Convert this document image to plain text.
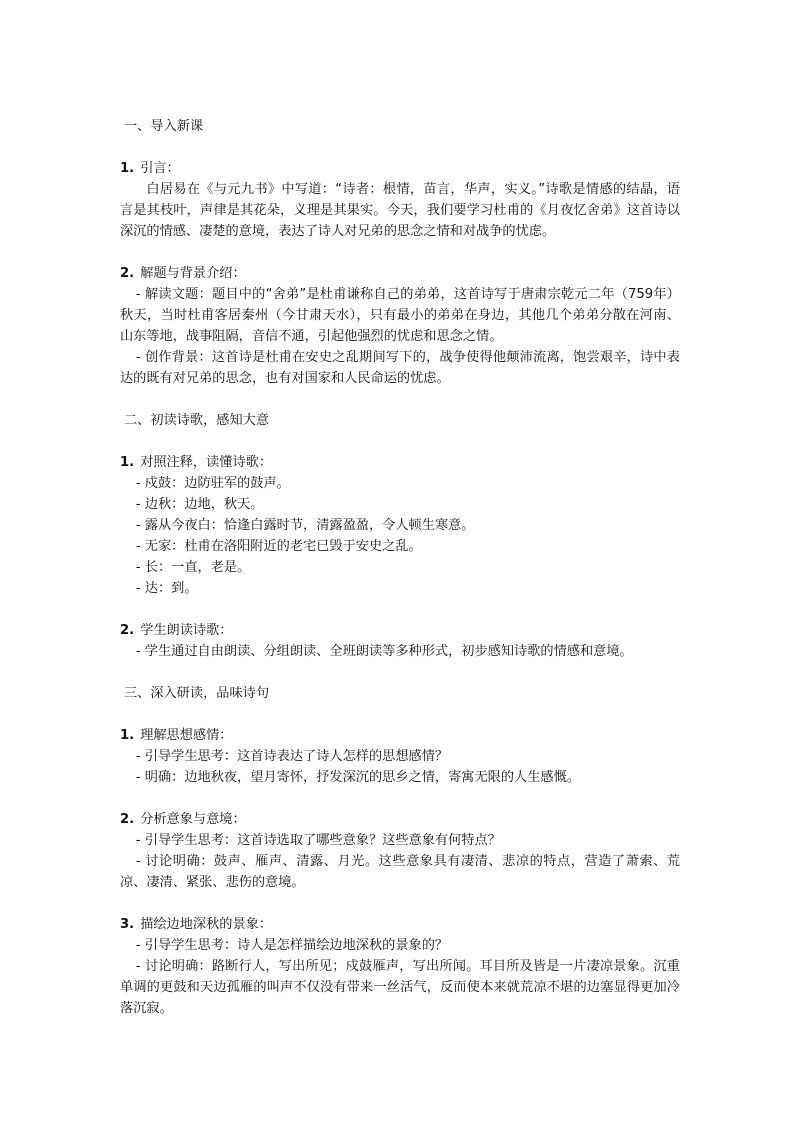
一、导入新课
1. 引言：

白居易在《与元九书》中写道：“诗者：根情，苗言，华声，实义。”诗歌是情感的结晶，语言是其枝叶，声律是其花朵，义理是其果实。今天，我们要学习杜甫的《月夜忆舍弟》这首诗以深沉的情感、凄楚的意境，表达了诗人对兄弟的思念之情和对战争的忧虑。

2. 解题与背景介绍：

- 解读文题：题目中的“舍弟”是杜甫谦称自己的弟弟，这首诗写于唐肃宗乾元二年（759年）秋天，当时杜甫客居秦州（今甘肃天水），只有最小的弟弟在身边，其他几个弟弟分散在河南、山东等地，战事阻隔，音信不通，引起他强烈的忧虑和思念之情。

- 创作背景：这首诗是杜甫在安史之乱期间写下的，战争使得他颠沛流离，饱尝艰辛，诗中表达的既有对兄弟的思念，也有对国家和人民命运的忧虑。

二、初读诗歌，感知大意
1. 对照注释，读懂诗歌：
- 戍鼓：边防驻军的鼓声。
- 边秋：边地，秋天。
- 露从今夜白：恰逢白露时节，清露盈盈，令人顿生寒意。
- 无家：杜甫在洛阳附近的老宅已毁于安史之乱。
- 长：一直，老是。
- 达：到。
2. 学生朗读诗歌：
- 学生通过自由朗读、分组朗读、全班朗读等多种形式，初步感知诗歌的情感和意境。
三、深入研读，品味诗句
1. 理解思想感情：
- 引导学生思考：这首诗表达了诗人怎样的思想感情？
- 明确：边地秋夜，望月寄怀，抒发深沉的思乡之情，寄寓无限的人生感慨。
2. 分析意象与意境：

- 引导学生思考：这首诗选取了哪些意象？这些意象有何特点？

- 讨论明确：鼓声、雁声、清露、月光。这些意象具有凄清、悲凉的特点，营造了萧索、荒凉、凄清、紧张、悲伤的意境。

3. 描绘边地深秋的景象：

- 引导学生思考：诗人是怎样描绘边地深秋的景象的？

- 讨论明确：路断行人，写出所见；戍鼓雁声，写出所闻。耳目所及皆是一片凄凉景象。沉重单调的更鼓和天边孤雁的叫声不仅没有带来一丝活气，反而使本来就荒凉不堪的边塞显得更加冷落沉寂。
